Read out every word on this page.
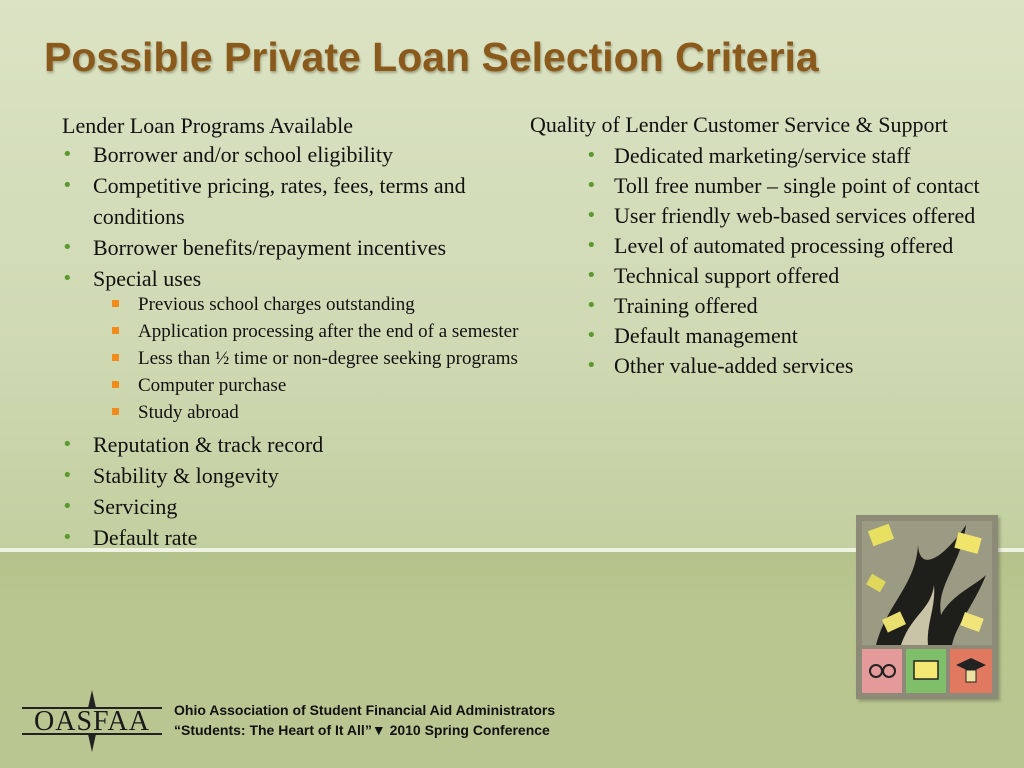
Possible Private Loan Selection Criteria

Lender Loan Programs Available

• Borrower and/or school eligibility
• Competitive pricing, rates, fees, terms and conditions
• Borrower benefits/repayment incentives
• Special uses
Previous school charges outstanding
Application processing after the end of a semester
Less than ½ time or non-degree seeking programs
Computer purchase
Study abroad
• Reputation & track record
• Stability & longevity
• Servicing
• Default rate

Quality of Lender Customer Service & Support

• Dedicated marketing/service staff
• Toll free number – single point of contact
• User friendly web-based services offered
• Level of automated processing offered
• Technical support offered
• Training offered
• Default management
• Other value-added services
OASFAA Ohio Association of Student Financial Aid Administrators
“Students: The Heart of It All”▼ 2010 Spring Conference
